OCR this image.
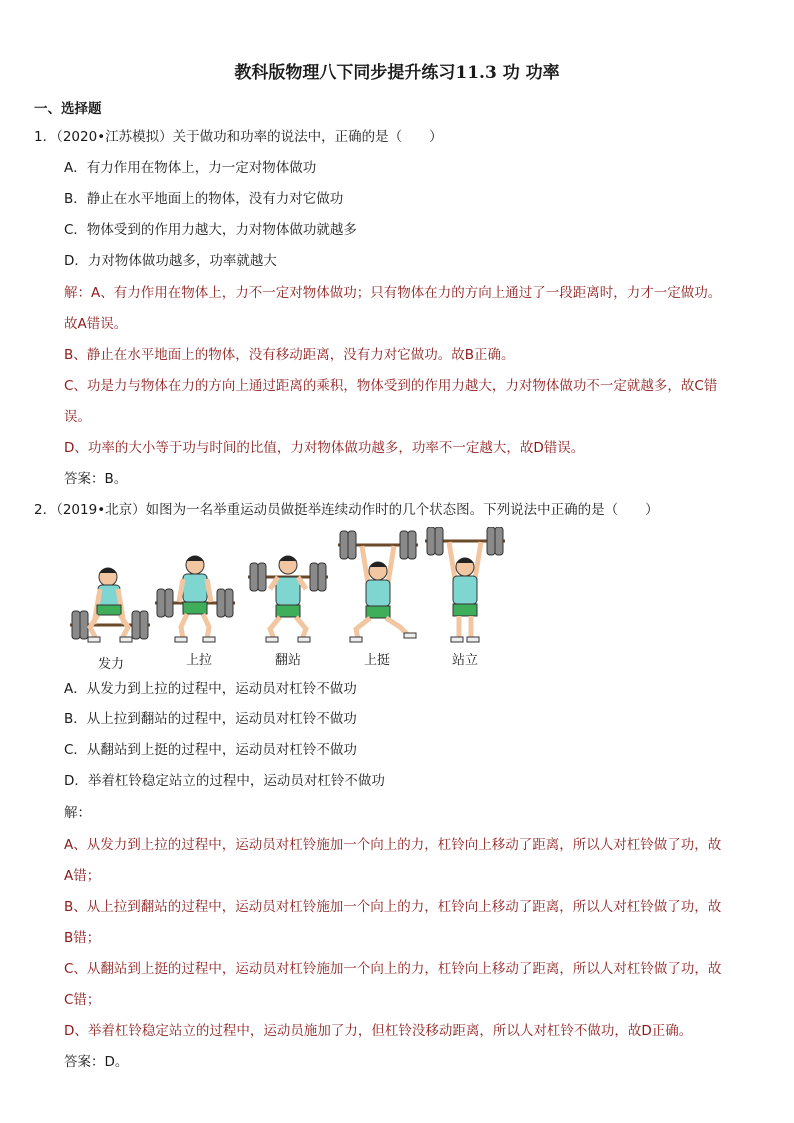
教科版物理八下同步提升练习11.3 功 功率
一、选择题
1．（2020•江苏模拟）关于做功和功率的说法中，正确的是（　　）
A．有力作用在物体上，力一定对物体做功
B．静止在水平地面上的物体，没有力对它做功
C．物体受到的作用力越大，力对物体做功就越多
D．力对物体做功越多，功率就越大
解：A、有力作用在物体上，力不一定对物体做功；只有物体在力的方向上通过了一段距离时，力才一定做功。
故A错误。
B、静止在水平地面上的物体，没有移动距离，没有力对它做功。故B正确。
C、功是力与物体在力的方向上通过距离的乘积，物体受到的作用力越大，力对物体做功不一定就越多，故C错
误。
D、功率的大小等于功与时间的比值，力对物体做功越多，功率不一定越大，故D错误。
答案：B。
2．（2019•北京）如图为一名举重运动员做挺举连续动作时的几个状态图。下列说法中正确的是（　　）
发力	上拉	翻站	上挺	站立
A．从发力到上拉的过程中，运动员对杠铃不做功
B．从上拉到翻站的过程中，运动员对杠铃不做功
C．从翻站到上挺的过程中，运动员对杠铃不做功
D．举着杠铃稳定站立的过程中，运动员对杠铃不做功
解：
A、从发力到上拉的过程中，运动员对杠铃施加一个向上的力，杠铃向上移动了距离，所以人对杠铃做了功，故
A错；
B、从上拉到翻站的过程中，运动员对杠铃施加一个向上的力，杠铃向上移动了距离，所以人对杠铃做了功，故
B错；
C、从翻站到上挺的过程中，运动员对杠铃施加一个向上的力，杠铃向上移动了距离，所以人对杠铃做了功，故
C错；
D、举着杠铃稳定站立的过程中，运动员施加了力，但杠铃没移动距离，所以人对杠铃不做功，故D正确。
答案：D。
